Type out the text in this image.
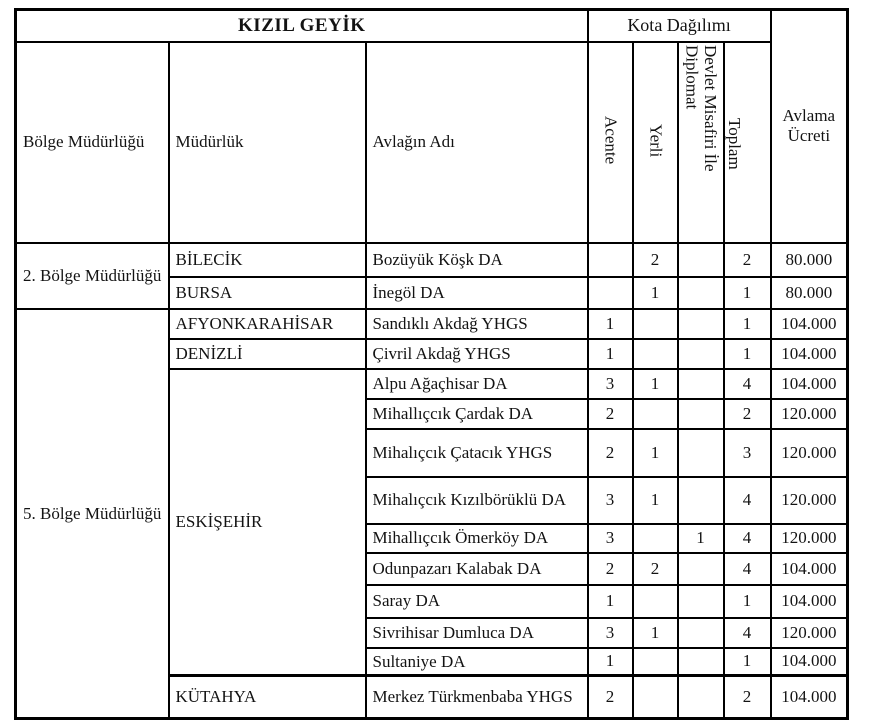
KIZIL GEYİK			Kota Dağılımı				Avlama Ücreti
Bölge Müdürlüğü	Müdürlük	Avlağın Adı	Acente	Yerli	Devlet Misafiri İle Diplomat	Toplam	

2. Bölge Müdürlüğü	BİLECİK	Bozüyük Köşk DA		2		2	80.000
	BURSA	İnegöl DA		1		1	80.000
5. Bölge Müdürlüğü	AFYONKARAHİSAR	Sandıklı Akdağ YHGS	1			1	104.000
	DENİZLİ	Çivril Akdağ YHGS	1			1	104.000
	ESKİŞEHİR	Alpu Ağaçhisar DA	3	1		4	104.000
		Mihallıçcık Çardak DA	2			2	120.000
		Mihalıçcık Çatacık YHGS	2	1		3	120.000
		Mihalıçcık Kızılbörüklü DA	3	1		4	120.000
		Mihallıçcık Ömerköy DA	3		1	4	120.000
		Odunpazarı Kalabak DA	2	2		4	104.000
		Saray DA	1			1	104.000
		Sivrihisar Dumluca DA	3	1		4	120.000
		Sultaniye DA	1			1	104.000
	KÜTAHYA	Merkez Türkmenbaba YHGS	2			2	104.000
